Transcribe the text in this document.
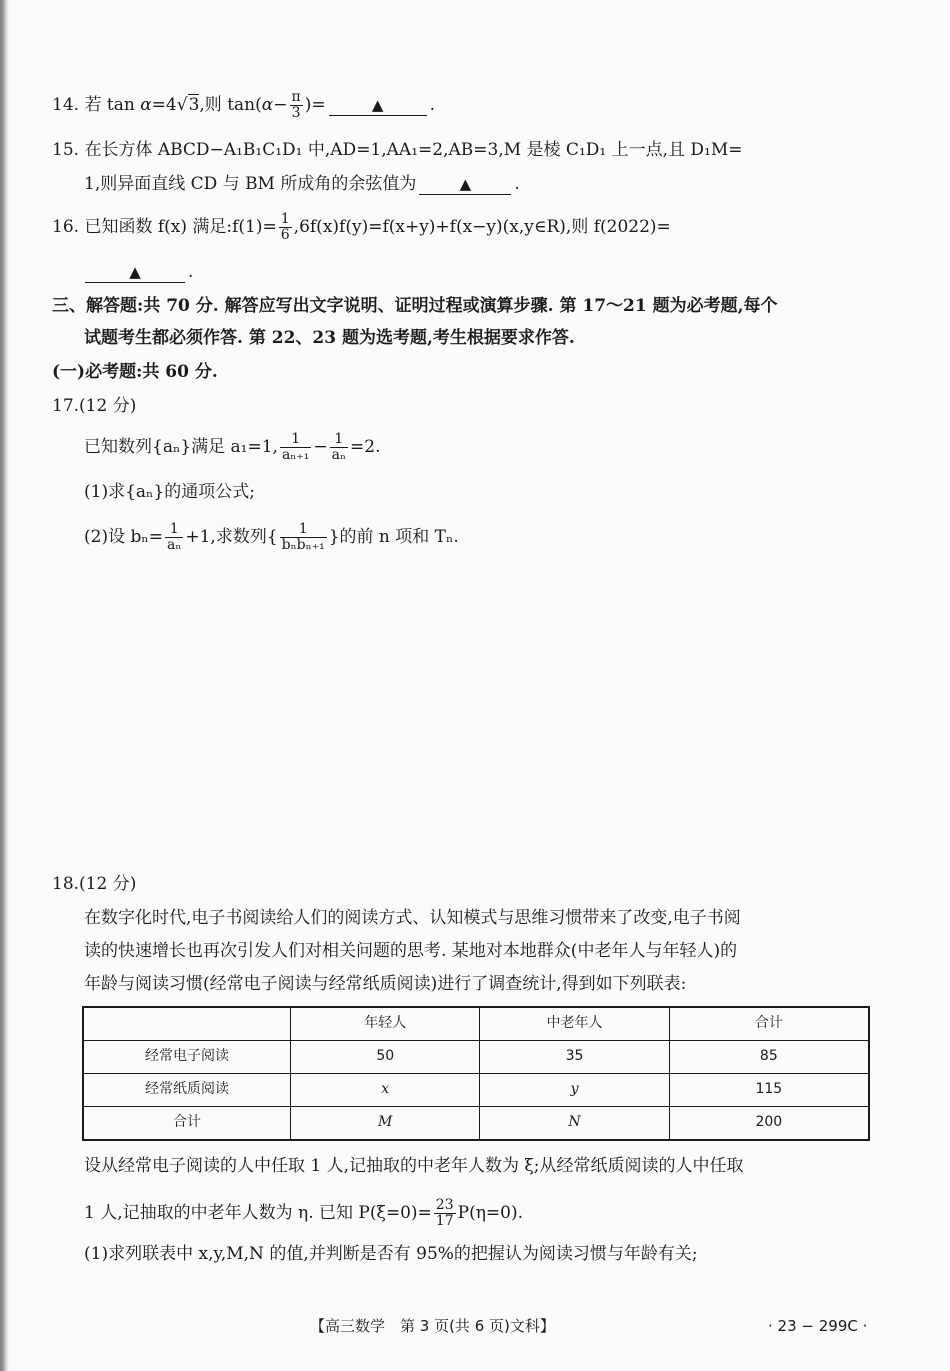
14. 若 tan α=4√3,则 $\tan(\alpha- \frac{\pi}{3}$ )=	▲	.
15. 在长方体 ABCD−A₁B₁C₁D₁ 中,AD=1,AA₁=2,AB=3,M 是棱 C₁D₁ 上一点,且 D₁M=
1,则异面直线 CD 与 BM 所成角的余弦值为	▲	.
16. 已知函数 f(x) 满足:f(1)= $\frac{1}{6}$ ,6f(x)f(y)=f(x+y)+f(x−y)(x,y∈R),则 f(2022)=
▲	.
三、解答题:共 70 分. 解答应写出文字说明、证明过程或演算步骤. 第 17～21 题为必考题,每个
试题考生都必须作答. 第 22、23 题为选考题,考生根据要求作答.
(一)必考题:共 60 分.
17.(12 分)
已知数列{aₙ}满足 a₁=1, $\frac{1}{\text{aₙ₊₁}} - \frac{1}{\text{aₙ}} =2$.
(1)求{aₙ}的通项公式;
(2)设 $b_n= \frac{1}{\text{aₙ}} +1$,求数列{ $\frac{1}{\text{bₙbₙ₊₁}}$ }的前 n 项和 Tₙ.
18.(12 分)
在数字化时代,电子书阅读给人们的阅读方式、认知模式与思维习惯带来了改变,电子书阅
读的快速增长也再次引发人们对相关问题的思考. 某地对本地群众(中老年人与年轻人)的
年龄与阅读习惯(经常电子阅读与经常纸质阅读)进行了调查统计,得到如下列联表:
	年轻人	中老年人	合计
经常电子阅读	50	35	85
经常纸质阅读	x	y	115
合计	M	N	200
设从经常电子阅读的人中任取 1 人,记抽取的中老年人数为 ξ;从经常纸质阅读的人中任取
1 人,记抽取的中老年人数为 η. 已知 $P(\xi=0)= \frac{23}{17} P(\eta=0)$.
(1)求列联表中 x,y,M,N 的值,并判断是否有 95%的把握认为阅读习惯与年龄有关;
【高三数学　第 3 页(共 6 页)文科】	· 23 − 299C ·
